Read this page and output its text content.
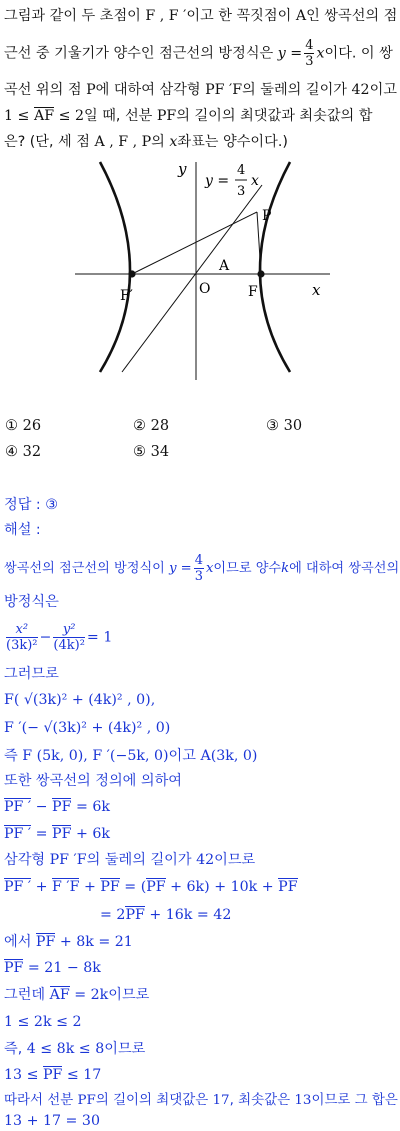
그림과 같이 두 초점이 F , F ′이고 한 꼭짓점이 A인 쌍곡선의 점
근선 중 기울기가 양수인 점근선의 방정식은 $y = \frac{4}{3}$ x이다. 이 쌍
곡선 위의 점 P에 대하여 삼각형 PF ′F의 둘레의 길이가 42이고
1 ≤ AF ≤ 2일 때, 선분 PF의 길이의 최댓값과 최솟값의 합
은? (단, 세 점 A , F , P의 x좌표는 양수이다.)
y
x
O
y =
4
3
x
P
A
F
F′
① 26	② 28	③ 30
④ 32	⑤ 34
정답 : ③
해설 :
쌍곡선의 점근선의 방정식이 $y = \frac{4}{3}$ x이므로 양수k에 대하여 쌍곡선의
방정식은
$\frac{\text{x²}}{\text{(3k)²}} - \frac{\text{y²}}{\text{(4k)²}} = 1$
그러므로
F( √(3k)² + (4k)² , 0),
F ′(− √(3k)² + (4k)² , 0)
즉 F (5k, 0), F ′(−5k, 0)이고 A(3k, 0)
또한 쌍곡선의 정의에 의하여
PF ′ − PF = 6k
PF ′ = PF + 6k
삼각형 PF ′F의 둘레의 길이가 42이므로
PF ′ + F ′F + PF = (PF + 6k) + 10k + PF
= 2PF + 16k = 42
에서 PF + 8k = 21
PF = 21 − 8k
그런데 AF = 2k이므로
1 ≤ 2k ≤ 2
즉, 4 ≤ 8k ≤ 8이므로
13 ≤ PF ≤ 17
따라서 선분 PF의 길이의 최댓값은 17, 최솟값은 13이므로 그 합은
13 + 17 = 30
